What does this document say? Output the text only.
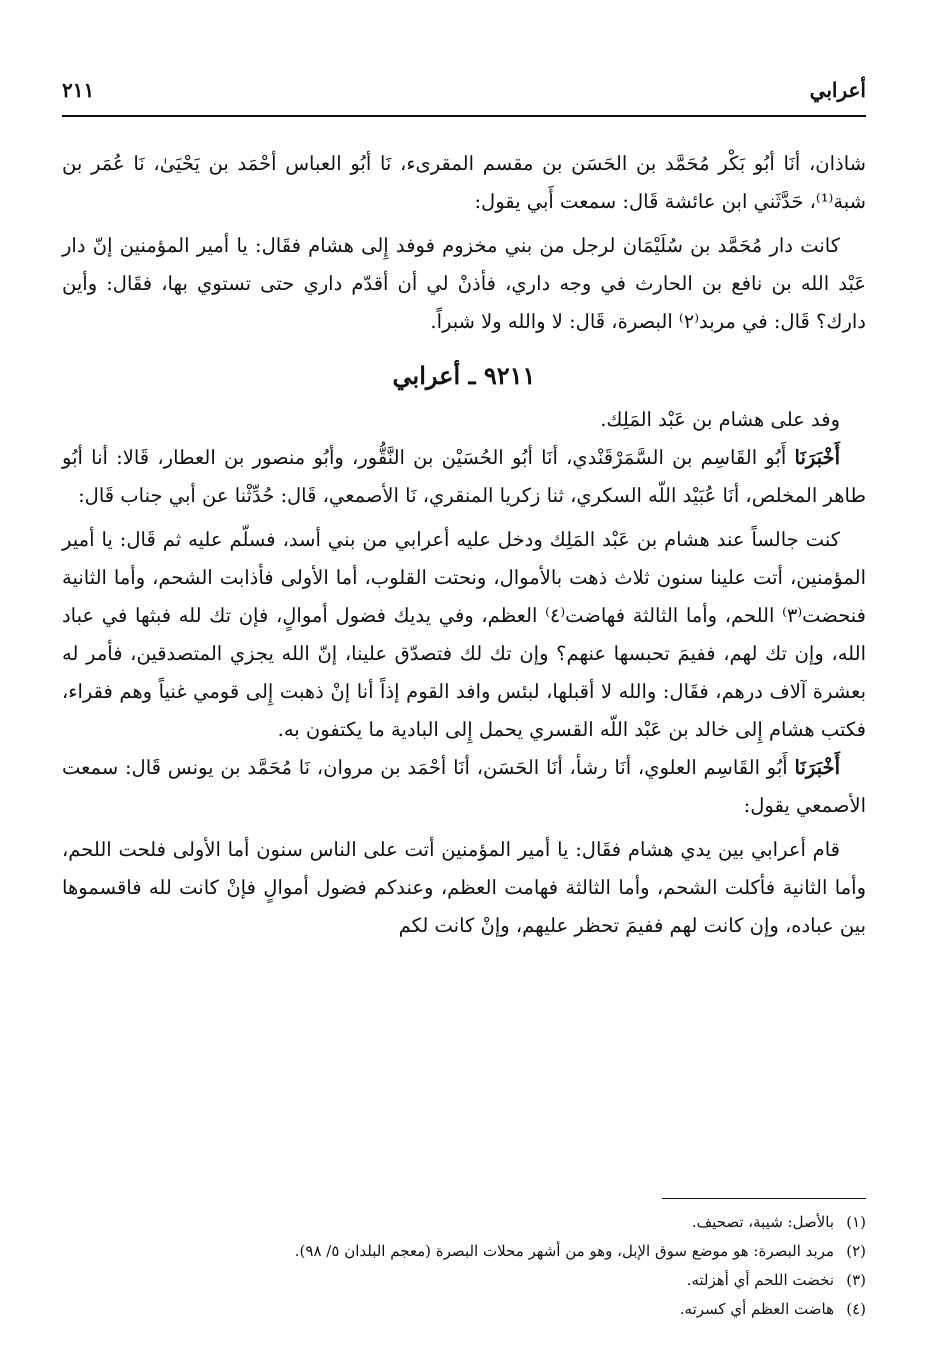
أعرابي
٢١١

شاذان، أنَا أبُو بَكْر مُحَمَّد بن الحَسَن بن مقسم المقرىء، نَا أبُو العباس أحْمَد بن يَحْيَىٰ، نَا عُمَر بن شبة⁽¹⁾، حَدَّثَني ابن عائشة قَال: سمعت أَبي يقول:

كانت دار مُحَمَّد بن سُلَيْمَان لرجل من بني مخزوم فوفد إِلى هشام فقَال: يا أمير المؤمنين إنّ دار عَبْد الله بن نافع بن الحارث في وجه داري، فأذنْ لي أن أقدّم داري حتى تستوي بها، فقَال: وأين دارك؟ قَال: في مربد⁽٢⁾ البصرة، قَال: لا والله ولا شبراً.

٩٢١١ ـ أعرابي

وفد على هشام بن عَبْد المَلِك.

أَخْبَرَنَا أَبُو القَاسِم بن السَّمَرْقَنْدي، أنَا أبُو الحُسَيْن بن النَّقُّور، وأبُو منصور بن العطار، قَالا: أنا أبُو طاهر المخلص، أنَا عُبَيْد اللّه السكري، ثنا زكريا المنقري، نَا الأصمعي، قَال: حُدِّثْنا عن أبي جناب قَال:

كنت جالساً عند هشام بن عَبْد المَلِك ودخل عليه أعرابي من بني أسد، فسلّم عليه ثم قَال: يا أمير المؤمنين، أتت علينا سنون ثلاث ذهت بالأموال، ونحتت القلوب، أما الأولى فأذابت الشحم، وأما الثانية فنحضت⁽٣⁾ اللحم، وأما الثالثة فهاضت⁽٤⁾ العظم، وفي يديك فضول أموالٍ، فإن تك لله فبثها في عباد الله، وإن تك لهم، ففيمَ تحبسها عنهم؟ وإن تك لك فتصدّق علينا، إنّ الله يجزي المتصدقين، فأمر له بعشرة آلاف درهم، فقَال: والله لا أقبلها، لبئس وافد القوم إذاً أنا إنْ ذهبت إِلى قومي غنياً وهم فقراء، فكتب هشام إِلى خالد بن عَبْد اللّه القسري يحمل إِلى البادية ما يكتفون به.

أَخْبَرَنَا أَبُو القَاسِم العلوي، أنَا رشأ، أنَا الحَسَن، أنَا أحْمَد بن مروان، نَا مُحَمَّد بن يونس قَال: سمعت الأصمعي يقول:

قام أعرابي بين يدي هشام فقَال: يا أمير المؤمنين أتت على الناس سنون أما الأولى فلحت اللحم، وأما الثانية فأكلت الشحم، وأما الثالثة فهامت العظم، وعندكم فضول أموالٍ فإنْ كانت لله فاقسموها بين عباده، وإن كانت لهم ففيمَ تحظر عليهم، وإنْ كانت لكم

(١)بالأصل: شيبة، تصحيف.

(٢)مربد البصرة: هو موضع سوق الإبل، وهو من أشهر محلات البصرة (معجم البلدان ٥/ ٩٨).

(٣)نخضت اللحم أي أهزلته.

(٤)هاضت العظم أي كسرته.
